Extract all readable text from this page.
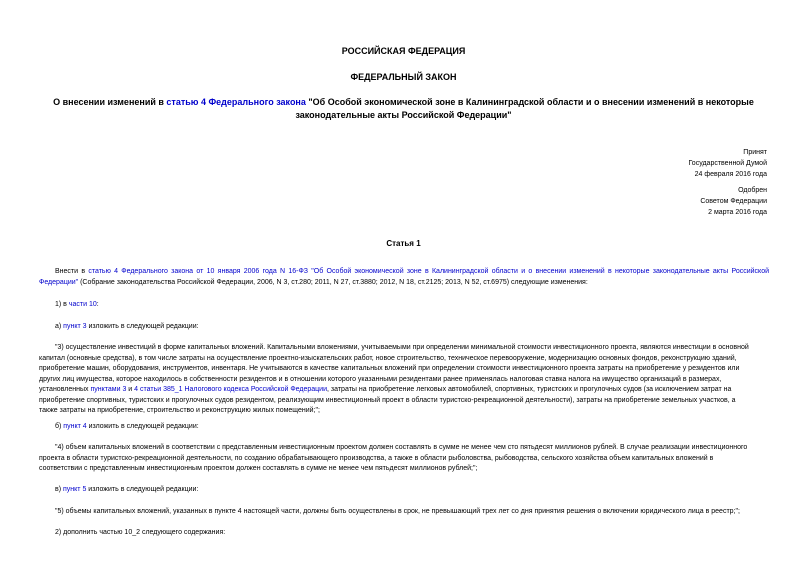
РОССИЙСКАЯ ФЕДЕРАЦИЯ
ФЕДЕРАЛЬНЫЙ ЗАКОН
О внесении изменений в статью 4 Федерального закона "Об Особой экономической зоне в Калининградской области и о внесении изменений в некоторые
законодательные акты Российской Федерации"
Принят
Государственной Думой
24 февраля 2016 года
Одобрен
Советом Федерации
2 марта 2016 года
Статья 1
Внести в статью 4 Федерального закона от 10 января 2006 года N 16-ФЗ "Об Особой экономической зоне в Калининградской области и о внесении изменений в некоторые законодательные акты Российской Федерации" (Собрание законодательства Российской Федерации, 2006, N 3, ст.280; 2011, N 27, ст.3880; 2012, N 18, ст.2125; 2013, N 52, ст.6975) следующие изменения:
1) в части 10:
а) пункт 3 изложить в следующей редакции:
"3) осуществление инвестиций в форме капитальных вложений. Капитальными вложениями, учитываемыми при определении минимальной стоимости инвестиционного проекта, являются инвестиции в основной
капитал (основные средства), в том числе затраты на осуществление проектно-изыскательских работ, новое строительство, техническое перевооружение, модернизацию основных фондов, реконструкцию зданий,
приобретение машин, оборудования, инструментов, инвентаря. Не учитываются в качестве капитальных вложений при определении стоимости инвестиционного проекта затраты на приобретение у резидентов или
других лиц имущества, которое находилось в собственности резидентов и в отношении которого указанными резидентами ранее применялась налоговая ставка налога на имущество организаций в размерах,
установленных пунктами 3 и 4 статьи 385_1 Налогового кодекса Российской Федерации, затраты на приобретение легковых автомобилей, спортивных, туристских и прогулочных судов (за исключением затрат на
приобретение спортивных, туристских и прогулочных судов резидентом, реализующим инвестиционный проект в области туристско-рекреационной деятельности), затраты на приобретение земельных участков, а
также затраты на приобретение, строительство и реконструкцию жилых помещений;";
б) пункт 4 изложить в следующей редакции:
"4) объем капитальных вложений в соответствии с представленным инвестиционным проектом должен составлять в сумме не менее чем сто пятьдесят миллионов рублей. В случае реализации инвестиционного
проекта в области туристско-рекреационной деятельности, по созданию обрабатывающего производства, а также в области рыболовства, рыбоводства, сельского хозяйства объем капитальных вложений в
соответствии с представленным инвестиционным проектом должен составлять в сумме не менее чем пятьдесят миллионов рублей;";
в) пункт 5 изложить в следующей редакции:
"5) объемы капитальных вложений, указанных в пункте 4 настоящей части, должны быть осуществлены в срок, не превышающий трех лет со дня принятия решения о включении юридического лица в реестр;";
2) дополнить частью 10_2 следующего содержания:
